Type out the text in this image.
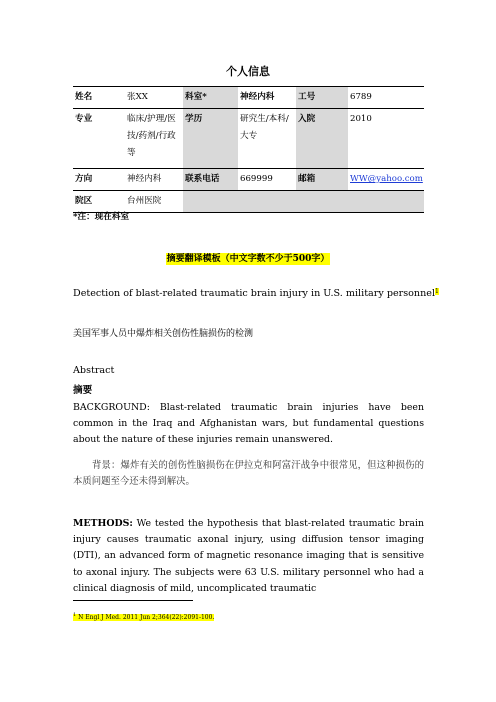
个人信息
姓名	张XX	科室*	神经内科	工号	6789
专业	临床/护理/医技/药剂/行政等	学历	研究生/本科/大专	入院	2010
方向	神经内科	联系电话	669999	邮箱	WW@yahoo.com
院区	台州医院				
*注：现在科室
摘要翻译模板（中文字数不少于500字）
Detection of blast-related traumatic brain injury in U.S. military personnel$^1$
美国军事人员中爆炸相关创伤性脑损伤的检测
Abstract
摘要
BACKGROUND: Blast-related traumatic brain injuries have been common in the Iraq and Afghanistan wars, but fundamental questions about the nature of these injuries remain unanswered.
背景：爆炸有关的创伤性脑损伤在伊拉克和阿富汗战争中很常见，但这种损伤的本质问题至今还未得到解决。
METHODS: We tested the hypothesis that blast-related traumatic brain injury causes traumatic axonal injury, using diffusion tensor imaging (DTI), an advanced form of magnetic resonance imaging that is sensitive to axonal injury. The subjects were 63 U.S. military personnel who had a clinical diagnosis of mild, uncomplicated traumatic
$^1$ N Engl J Med. 2011 Jun 2;364(22):2091-100.
